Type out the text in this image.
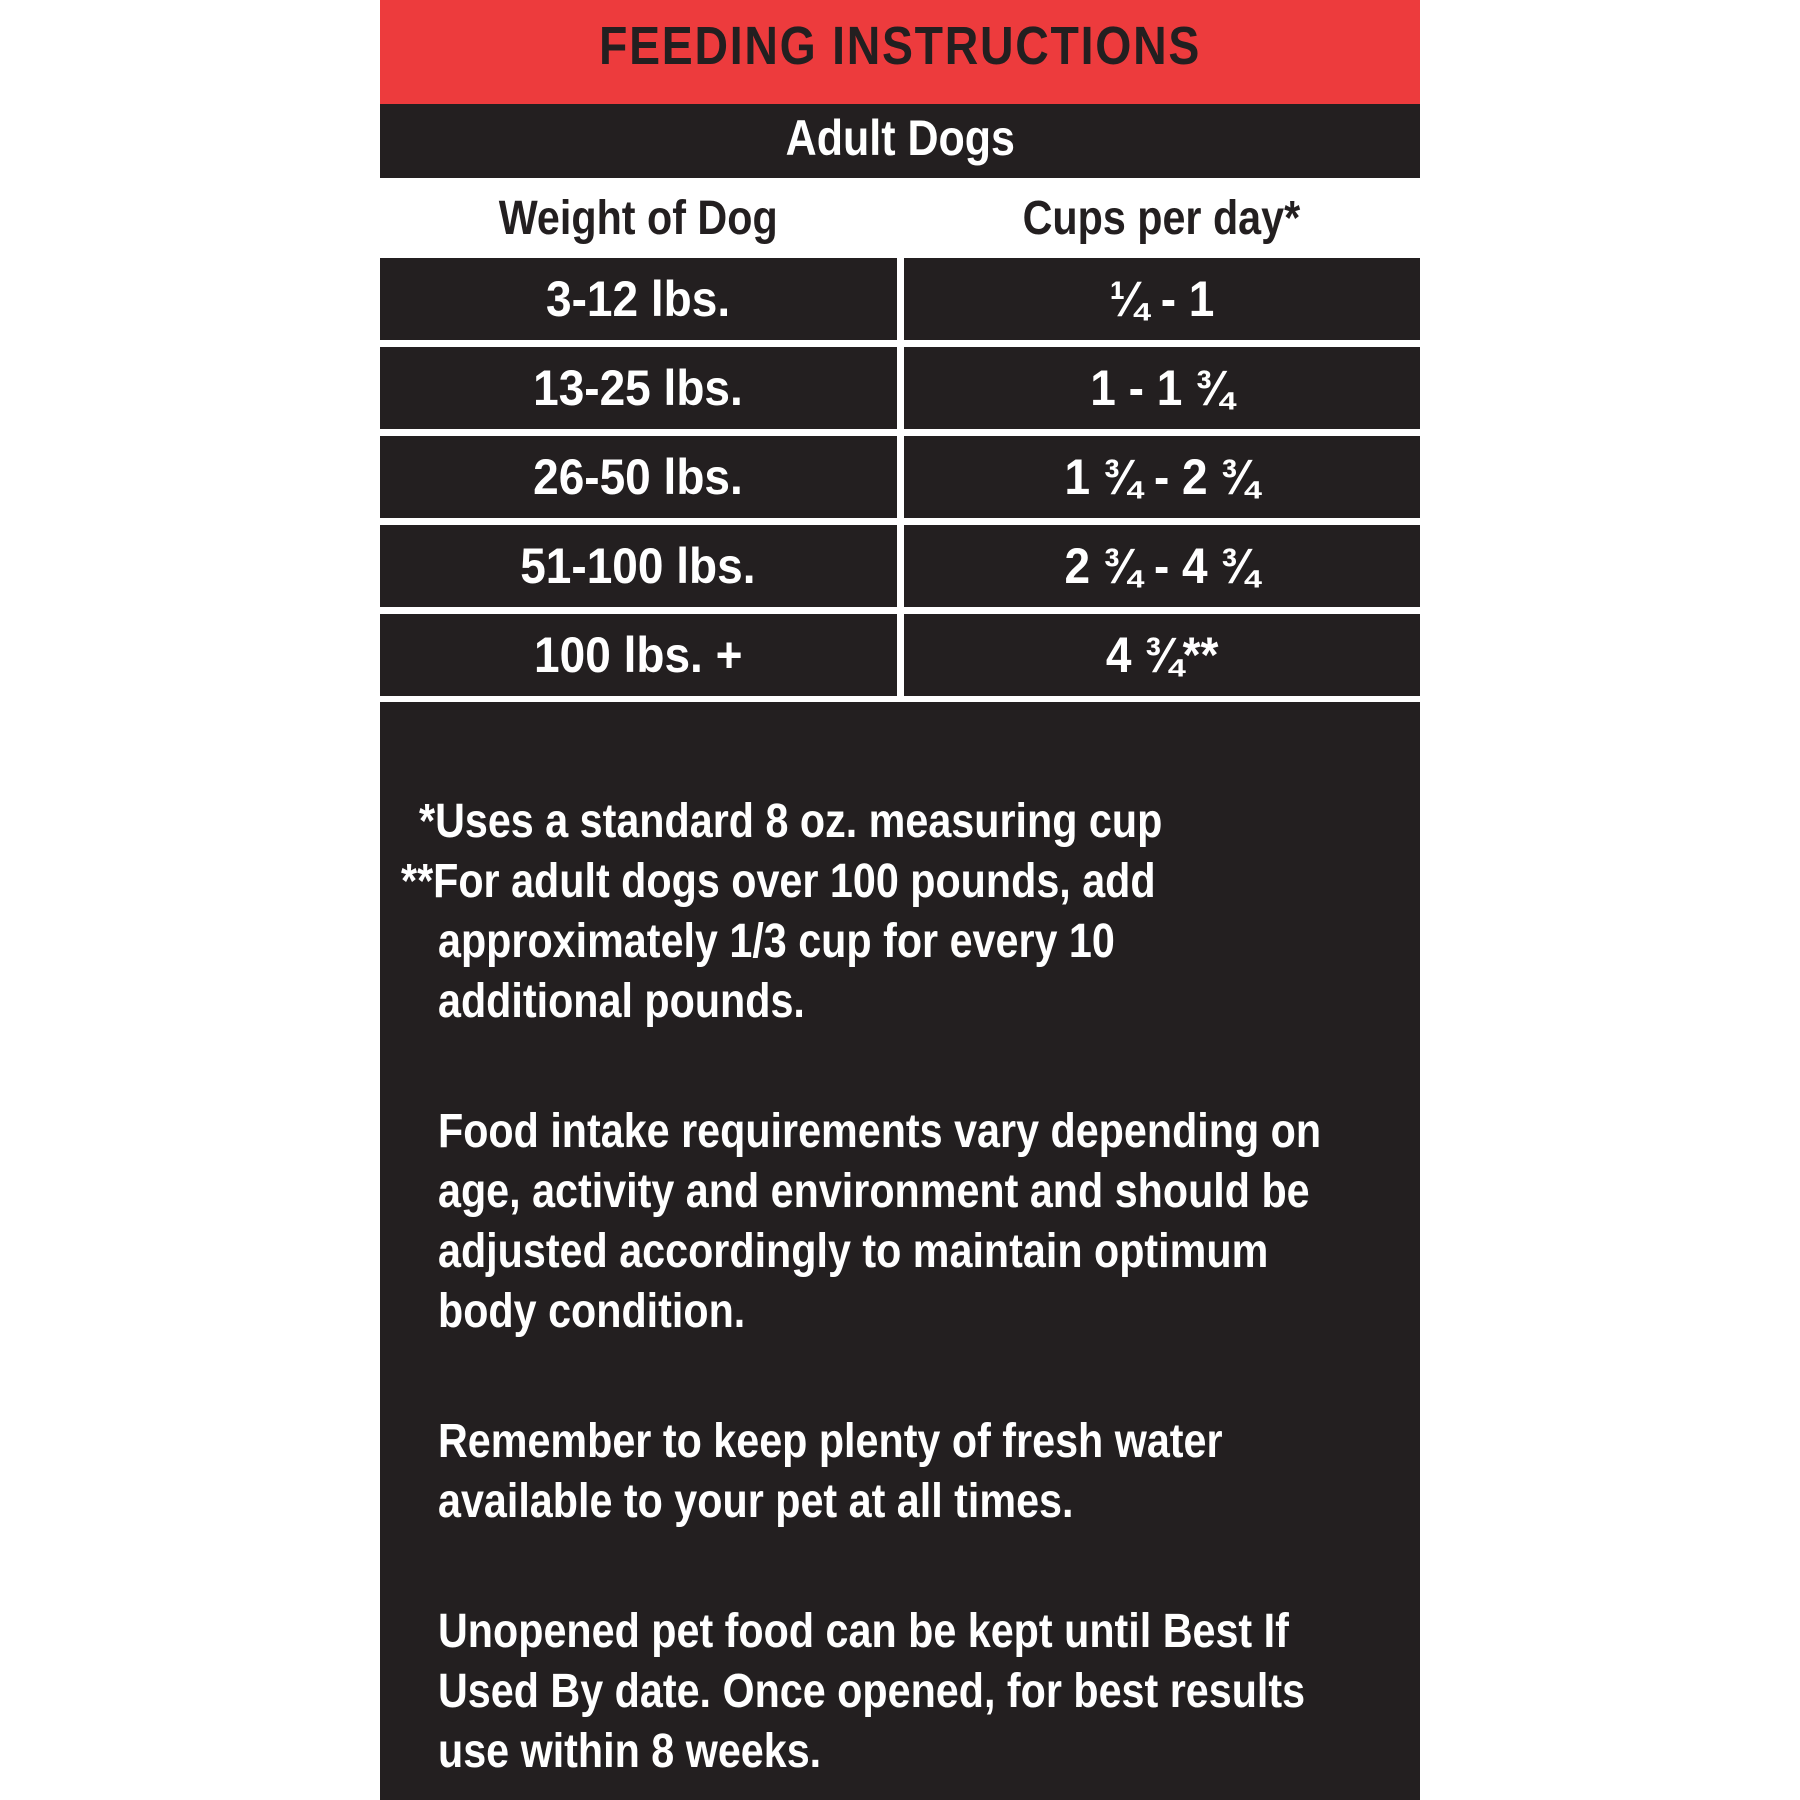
FEEDING INSTRUCTIONS
Adult Dogs
Weight of Dog	Cups per day*
3-12 lbs.	¼ - 1
13-25 lbs.	1 - 1 ¾
26-50 lbs.	1 ¾ - 2 ¾
51-100 lbs.	2 ¾ - 4 ¾
100 lbs. +	4 ¾**
*Uses a standard 8 oz. measuring cup
**For adult dogs over 100 pounds, add
approximately 1/3 cup for every 10
additional pounds.
Food intake requirements vary depending on
age, activity and environment and should be
adjusted accordingly to maintain optimum
body condition.
Remember to keep plenty of fresh water
available to your pet at all times.
Unopened pet food can be kept until Best If
Used By date. Once opened, for best results
use within 8 weeks.
